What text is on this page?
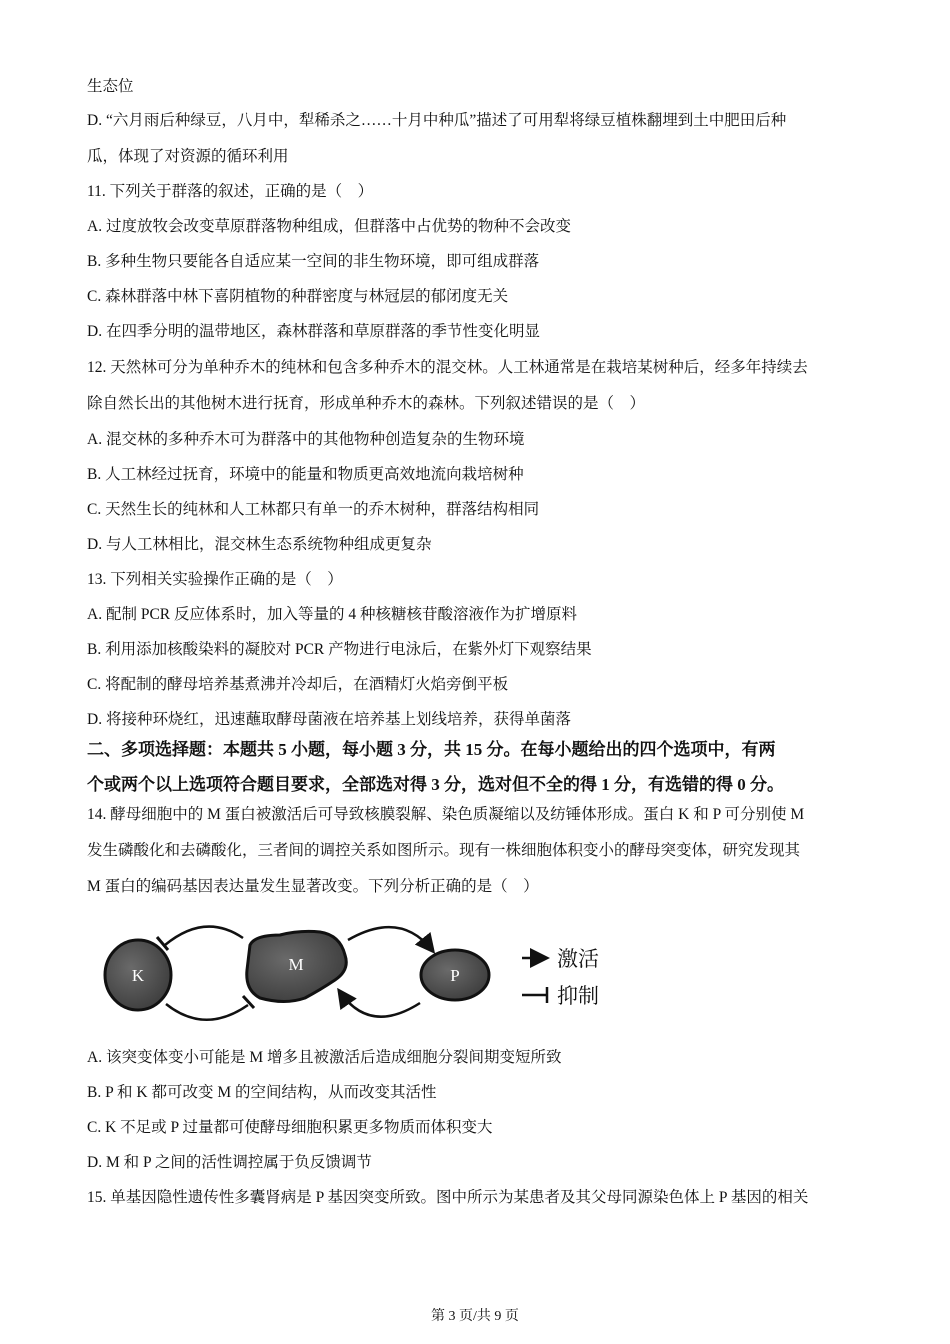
生态位
D. “六月雨后种绿豆，八月中，犁稀杀之……十月中种瓜”描述了可用犁将绿豆植株翻埋到土中肥田后种
瓜，体现了对资源的循环利用
11. 下列关于群落的叙述，正确的是（　）
A. 过度放牧会改变草原群落物种组成，但群落中占优势的物种不会改变
B. 多种生物只要能各自适应某一空间的非生物环境，即可组成群落
C. 森林群落中林下喜阴植物的种群密度与林冠层的郁闭度无关
D. 在四季分明的温带地区，森林群落和草原群落的季节性变化明显
12. 天然林可分为单种乔木的纯林和包含多种乔木的混交林。人工林通常是在栽培某树种后，经多年持续去
除自然长出的其他树木进行抚育，形成单种乔木的森林。下列叙述错误的是（　）
A. 混交林的多种乔木可为群落中的其他物种创造复杂的生物环境
B. 人工林经过抚育，环境中的能量和物质更高效地流向栽培树种
C. 天然生长的纯林和人工林都只有单一的乔木树种，群落结构相同
D. 与人工林相比，混交林生态系统物种组成更复杂
13. 下列相关实验操作正确的是（　）
A. 配制 PCR 反应体系时，加入等量的 4 种核糖核苷酸溶液作为扩增原料
B. 利用添加核酸染料的凝胶对 PCR 产物进行电泳后，在紫外灯下观察结果
C. 将配制的酵母培养基煮沸并冷却后，在酒精灯火焰旁倒平板
D. 将接种环烧红，迅速蘸取酵母菌液在培养基上划线培养，获得单菌落
二、多项选择题：本题共 5 小题，每小题 3 分，共 15 分。在每小题给出的四个选项中，有两
个或两个以上选项符合题目要求，全部选对得 3 分，选对但不全的得 1 分，有选错的得 0 分。
14. 酵母细胞中的 M 蛋白被激活后可导致核膜裂解、染色质凝缩以及纺锤体形成。蛋白 K 和 P 可分别使 M
发生磷酸化和去磷酸化，三者间的调控关系如图所示。现有一株细胞体积变小的酵母突变体，研究发现其
M 蛋白的编码基因表达量发生显著改变。下列分析正确的是（　）
K
M
P
激活
抑制
A. 该突变体变小可能是 M 增多且被激活后造成细胞分裂间期变短所致
B. P 和 K 都可改变 M 的空间结构，从而改变其活性
C. K 不足或 P 过量都可使酵母细胞积累更多物质而体积变大
D. M 和 P 之间的活性调控属于负反馈调节
15. 单基因隐性遗传性多囊肾病是 P 基因突变所致。图中所示为某患者及其父母同源染色体上 P 基因的相关
第 3 页/共 9 页
